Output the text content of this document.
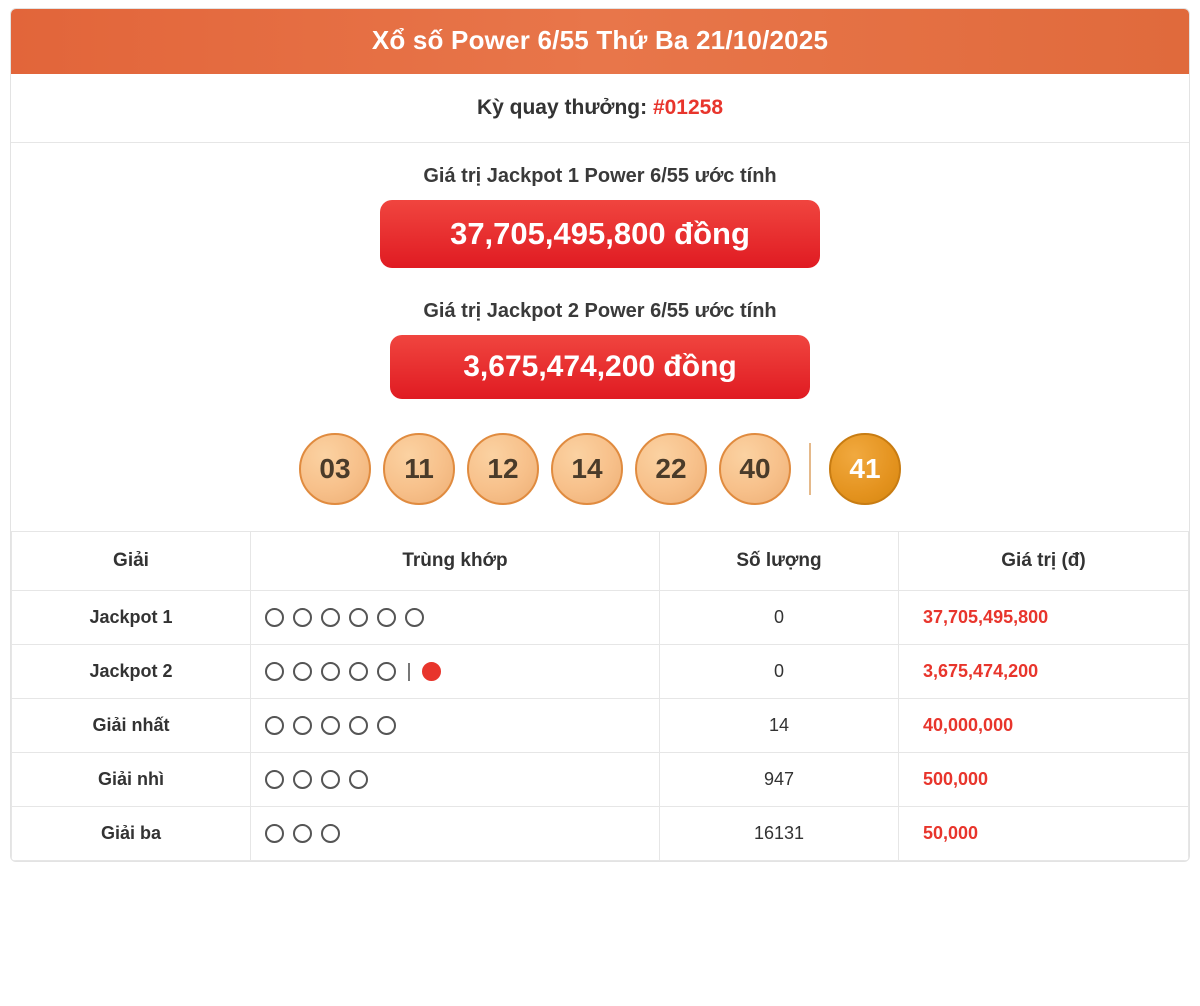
Xổ số Power 6/55 Thứ Ba 21/10/2025
Kỳ quay thưởng: #01258
Giá trị Jackpot 1 Power 6/55 ước tính
37,705,495,800 đồng
Giá trị Jackpot 2 Power 6/55 ước tính
3,675,474,200 đồng
03	11	12	14	22	40	41
Giải	Trùng khớp	Số lượng	Giá trị (đ)
Jackpot 1		0	37,705,495,800
Jackpot 2		0	3,675,474,200
Giải nhất		14	40,000,000
Giải nhì		947	500,000
Giải ba		16131	50,000
